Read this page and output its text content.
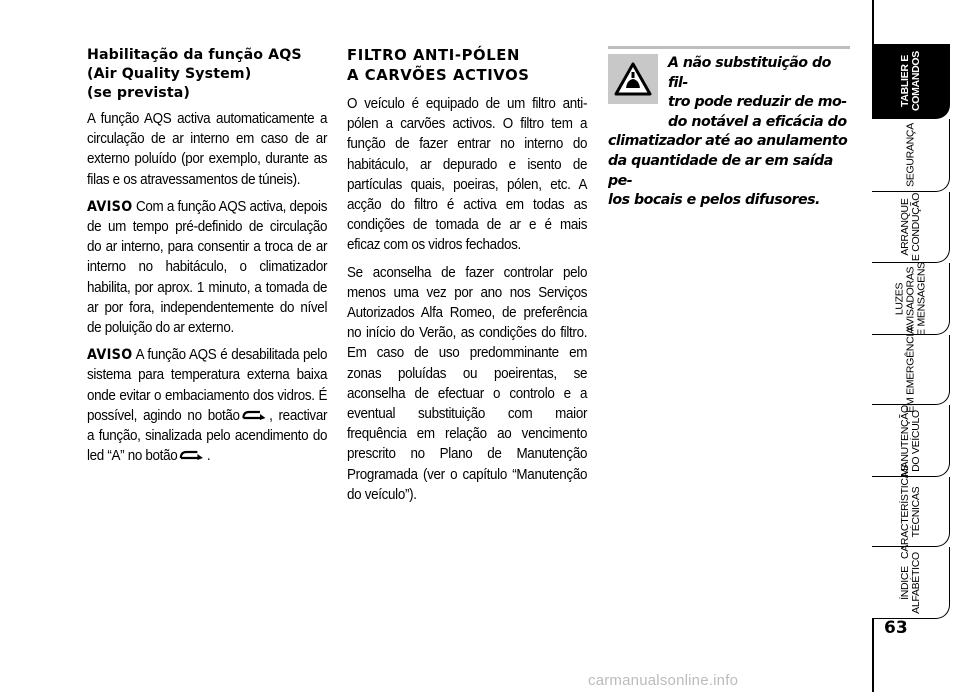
Habilitação da função AQS
(Air Quality System)
(se prevista)
A função AQS activa automaticamente a circulação de ar interno em caso de ar externo poluído (por exemplo, durante as filas e os atravessamentos de túneis).
AVISO Com a função AQS activa, depois de um tempo pré-definido de circulação do ar interno, para consentir a troca de ar interno no habitáculo, o climatizador habilita, por aprox. 1 minuto, a tomada de ar por fora, independentemente do nível de poluição do ar externo.
AVISO A função AQS é desabilitada pelo sistema para temperatura externa baixa onde evitar o embaciamento dos vidros. É possível, agindo no botão , reactivar a função, sinalizada pelo acendimento do led “A” no botão .
FILTRO ANTI-PÓLEN
A CARVÕES ACTIVOS
O veículo é equipado de um filtro anti-pólen a carvões activos. O filtro tem a função de fazer entrar no interno do habitáculo, ar depurado e isento de partículas quais, poeiras, pólen, etc. A acção do filtro é activa em todas as condições de tomada de ar e é mais eficaz com os vidros fechados.
Se aconselha de fazer controlar pelo menos uma vez por ano nos Serviços Autorizados Alfa Romeo, de preferência no início do Verão, as condições do filtro. Em caso de uso predomminante em zonas poluídas ou poeirentas, se aconselha de efectuar o controlo e a eventual substituição com maior frequência em relação ao vencimento prescrito no Plano de Manutenção Programada (ver o capítulo “Manutenção do veículo”).
A não substituição do fil-
tro pode reduzir de mo-
do notável a eficácia do
climatizador até ao anulamento
da quantidade de ar em saída pe-
los bocais e pelos difusores.
TABLIER E
COMANDOS
SEGURANÇA
ARRANQUE
E CONDUÇÃO
LUZES
AVISADORAS
E MENSAGENS
EM EMERGÊNCIA
MANUTENÇÃO
DO VEÍCULO
CARACTERÍSTICAS
TÉCNICAS
ÍNDICE
ALFABÉTICO
63
carmanualsonline.info
